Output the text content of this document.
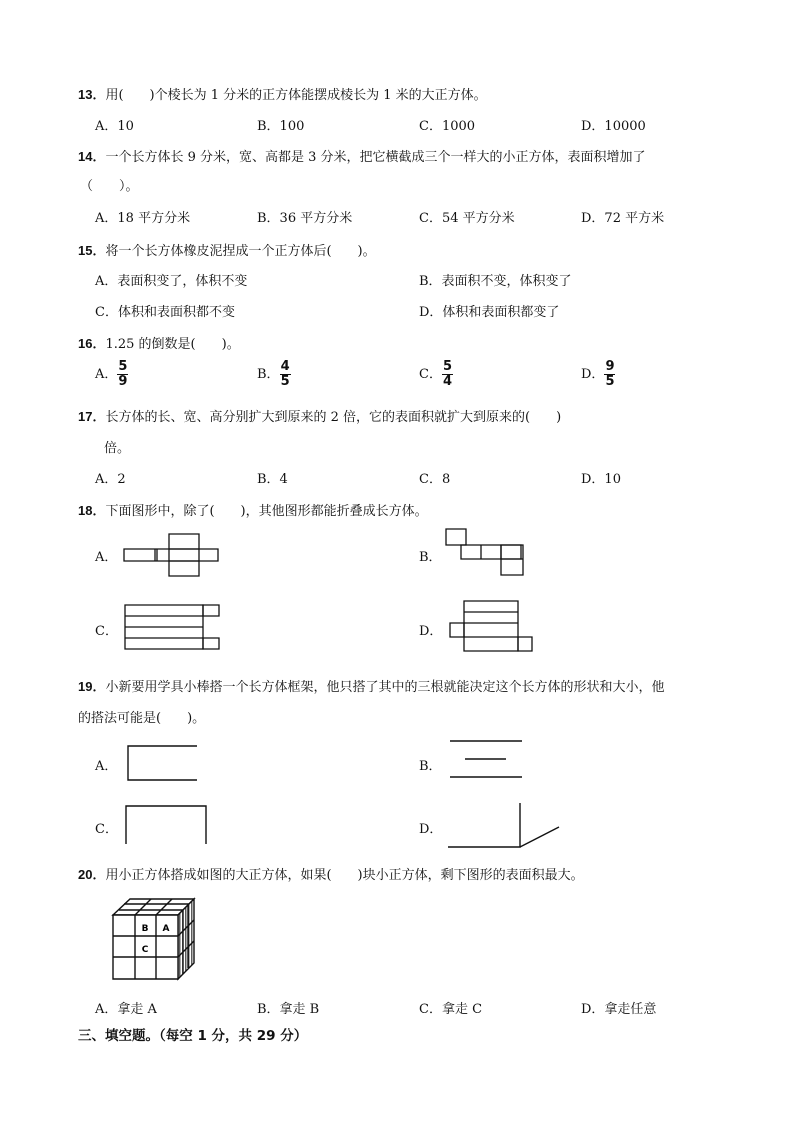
13．用(　　)个棱长为 1 分米的正方体能摆成棱长为 1 米的大正方体。
A．10	B．100	C．1000	D．10000
14．一个长方体长 9 分米，宽、高都是 3 分米，把它横截成三个一样大的小正方体，表面积增加了
（　　）。
A．18 平方分米	B．36 平方分米	C．54 平方分米	D．72 平方米
15．将一个长方体橡皮泥捏成一个正方体后(　　)。
A．表面积变了，体积不变	B．表面积不变，体积变了
C．体积和表面积都不变	D．体积和表面积都变了
16．1.25 的倒数是(　　)。
A． $\frac{5}{9}$	B． $\frac{4}{5}$	C． $\frac{5}{4}$	D． $\frac{9}{5}$
17．长方体的长、宽、高分别扩大到原来的 2 倍，它的表面积就扩大到原来的(　　)
倍。
A．2	B．4	C．8	D．10
18．下面图形中，除了(　　)，其他图形都能折叠成长方体。
A．	B．
C．	D．
19．小新要用学具小棒搭一个长方体框架，他只搭了其中的三根就能决定这个长方体的形状和大小，他
的搭法可能是(　　)。
A．	B．
C．	D．
20．用小正方体搭成如图的大正方体，如果(　　)块小正方体，剩下图形的表面积最大。
B A
C
A．拿走 A	B．拿走 B	C．拿走 C	D．拿走任意
三、填空题。（每空 1 分，共 29 分）
